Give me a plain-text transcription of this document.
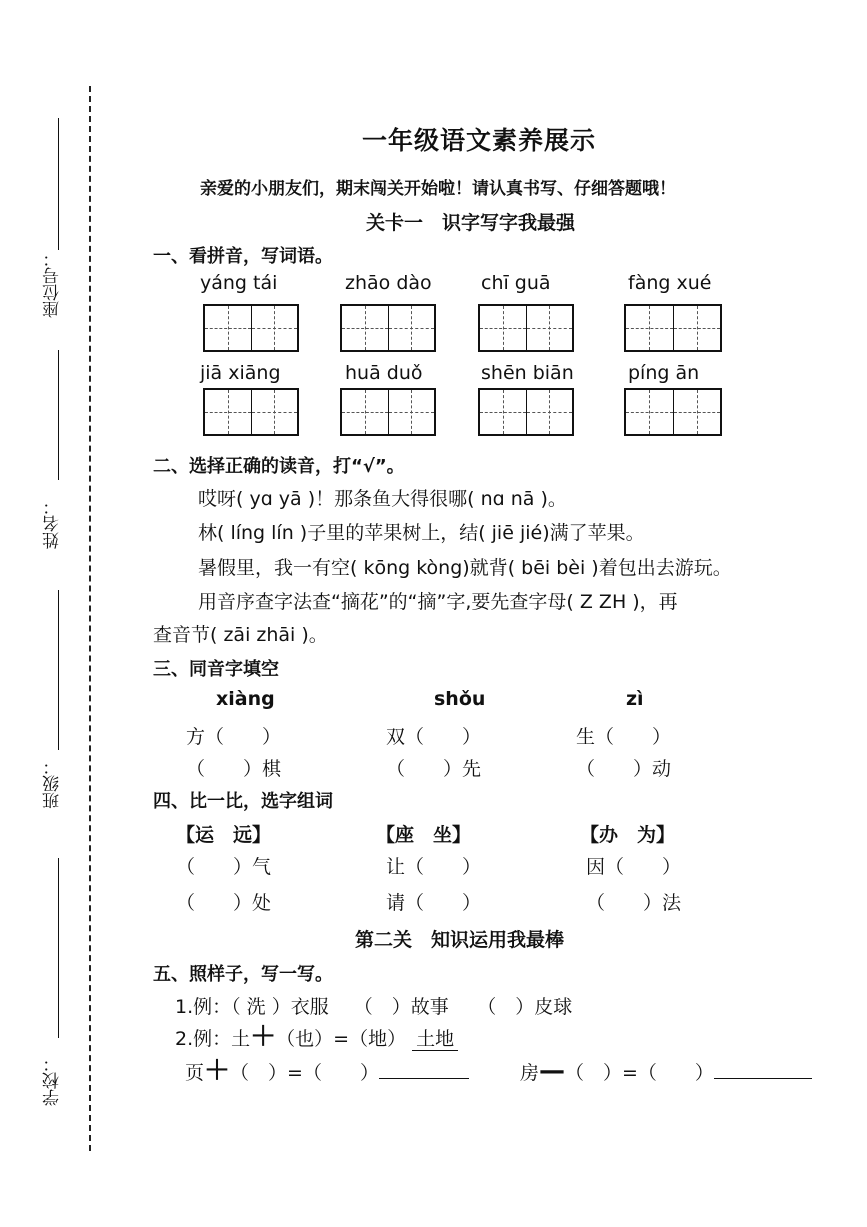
座位号：
姓名：
班级：
学校：
一年级语文素养展示
亲爱的小朋友们，期末闯关开始啦！请认真书写、仔细答题哦！
关卡一　识字写字我最强
一、看拼音，写词语。
yáng tái	zhāo dào	chī guā	fàng xué
jiā xiāng	huā duǒ	shēn biān	píng ān
二、选择正确的读音，打“√”。
哎呀( yɑ yā )！那条鱼大得很哪( nɑ nā )。
林( líng lín )子里的苹果树上，结( jiē jié)满了苹果。
暑假里，我一有空( kōng kòng)就背( bēi bèi )着包出去游玩。
用音序查字法查“摘花”的“摘”字,要先查字母( Z ZH )，再
查音节( zāi zhāi )。
三、同音字填空
xiàng	shǒu	zì
方（　　）	双（　　）	生（　　）
（　　）棋	（　　）先	（　　）动
四、比一比，选字组词
【运　远】	【座　坐】	【办　为】
（　　）气	让（　　）	因（　　）
（　　）处	请（　　）	（　　）法
第二关　知识运用我最棒
五、照样子，写一写。
1.例：（ 洗 ）衣服　 （　）故事　　（　）皮球
2.例：土＋（也）=（地） 土地
页＋（　）=（　　）	房—（　）=（　　）
